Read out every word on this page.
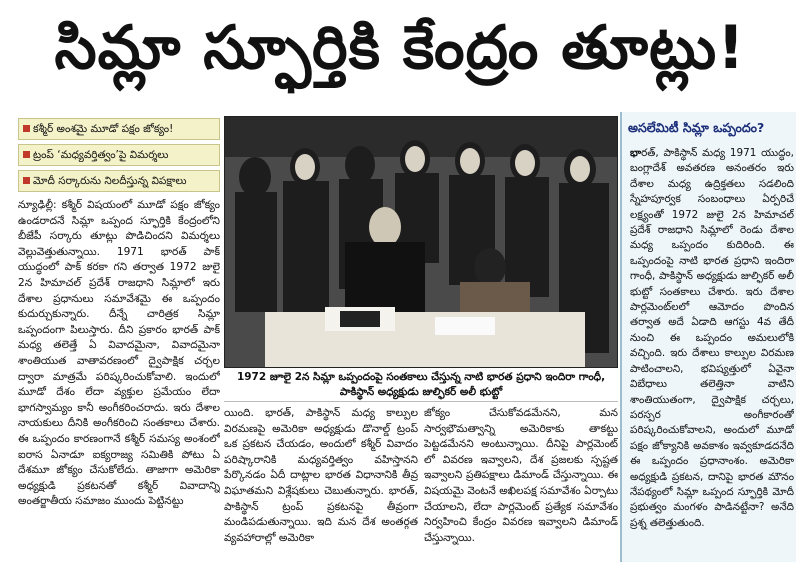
సిమ్లా స్ఫూర్తికి కేంద్రం తూట్లు!
కశ్మీర్ అంశమై మూడో పక్షం జోక్యం!
ట్రంప్ ‘మధ్యవర్తిత్వం’పై విమర్శలు
మోదీ సర్కారును నిలదీస్తున్న విపక్షాలు

న్యూఢిల్లీ: కశ్మీర్ విషయంలో మూడో పక్షం జోక్యం ఉండరాదనే సిమ్లా ఒప్పంద స్ఫూర్తికి కేంద్రంలోని బీజేపీ సర్కారు తూట్లు పొడిచిందని విమర్శలు వెల్లువెత్తుతున్నాయి. 1971 భారత్ పాక్ యుద్ధంలో పాక్ కరకా గని తర్వాత 1972 జులై 2న హిమాచల్ ప్రదేశ్ రాజధాని సిమ్లాలో ఇరు దేశాల ప్రధానులు సమావేశమై ఈ ఒప్పందం కుదుర్చుకున్నారు. దీన్నే చారిత్రక సిమ్లా ఒప్పందంగా పిలుస్తారు. దీని ప్రకారం భారత్ పాక్ మధ్య తలెత్తే ఏ వివాదమైనా, వివాదమైనా శాంతియుత వాతావరణంలో ద్వైపాక్షిక చర్చల ద్వారా మాత్రమే పరిష్కరించుకోవాలి. ఇందులో మూడో దేశం లేదా వ్యక్తుల ప్రమేయం లేదా భాగస్వామ్యం కానీ అంగీకరించరాదు. ఇరు దేశాల నాయకులు దీనికి అంగీకరించి సంతకాలు చేశారు. ఈ ఒప్పందం కారణంగానే కశ్మీర్ సమస్య అంశంలో ఐరాస ఏనాడూ ఐక్యరాజ్య సమితికి పోటు ఏ దేశమూ జోక్యం చేసుకోలేదు. తాజాగా అమెరికా అధ్యక్షుడి ప్రకటనతో కశ్మీర్ వివాదాన్ని అంతర్జాతీయ సమాజం ముందు పెట్టినట్టు

1972 జూలై 2న సిమ్లా ఒప్పందంపై సంతకాలు చేస్తున్న నాటి భారత ప్రధాని ఇందిరా గాంధీ, పాకిస్థాన్ అధ్యక్షుడు జుల్ఫికర్ అలీ భుట్టో

యింది. భారత్, పాకిస్థాన్ మధ్య కాల్పుల విరమణపై అమెరికా అధ్యక్షుడు డొనాల్డ్ ట్రంప్ ఒక ప్రకటన చేయడం, అందులో కశ్మీర్ వివాదం పరిష్కారానికి మధ్యవర్తిత్వం వహిస్తానని పేర్కొనడం ఏదీ దాట్లాల భారత విధానానికి తీవ్ర విఘాతమని విశ్లేషకులు చెబుతున్నారు. భారత్, పాకిస్థాన్ ట్రంప్ ప్రకటనపై తీవ్రంగా మండిపడుతున్నాయి. ఇది మన దేశ అంతర్గత వ్యవహారాల్లో అమెరికా

జోక్యం చేసుకోవడమేనని, మన సార్వభౌమత్వాన్ని అమెరికాకు తాకట్టు పెట్టడమేనని అంటున్నాయి. దీనిపై పార్లమెంట్ లో వివరణ ఇవ్వాలని, దేశ ప్రజలకు స్పష్టత ఇవ్వాలని ప్రతిపక్షాలు డిమాండ్ చేస్తున్నాయి. ఈ విషయమై వెంటనే అఖిలపక్ష సమావేశం ఏర్పాటు చేయాలని, లేదా పార్లమెంట్ ప్రత్యేక సమావేశం నిర్వహించి కేంద్రం వివరణ ఇవ్వాలని డిమాండ్ చేస్తున్నాయి.

అసలేమిటీ సిమ్లా ఒప్పందం?

భారత్, పాకిస్థాన్ మధ్య 1971 యుద్ధం, బంగ్లాదేశ్ అవతరణ అనంతరం ఇరు దేశాల మధ్య ఉద్రిక్తతలు సడలింది స్నేహపూర్వక సంబంధాలు ఏర్పరిచే లక్ష్యంతో 1972 జులై 2న హిమాచల్ ప్రదేశ్ రాజధాని సిమ్లాలో రెండు దేశాల మధ్య ఒప్పందం కుదిరింది. ఈ ఒప్పందంపై నాటి భారత ప్రధాని ఇందిరా గాంధీ, పాకిస్థాన్ అధ్యక్షుడు జుల్ఫికర్ అలీ భుట్టో సంతకాలు చేశారు. ఇరు దేశాల పార్లమెంట్‌లలో ఆమోదం పొందిన తర్వాత అదే ఏడాది ఆగస్టు 4వ తేదీ నుంచి ఈ ఒప్పందం అమలులోకి వచ్చింది. ఇరు దేశాలు కాల్పుల విరమణ పాటించాలని, భవిష్యత్తులో ఏవైనా విబేధాలు తలెత్తినా వాటిని శాంతియుతంగా, ద్వైపాక్షిక చర్చలు, పరస్పర అంగీకారంతో పరిష్కరించుకోవాలని, అందులో మూడో పక్షం జోక్యానికి అవకాశం ఇవ్వకూడదనేది ఈ ఒప్పందం ప్రధానాంశం. అమెరికా అధ్యక్షుడి ప్రకటన, దానిపై భారత మౌనం నేపథ్యంలో సిమ్లా ఒప్పంద స్ఫూర్తికి మోదీ ప్రభుత్వం మంగళం పాడినట్టేనా? అనేది ప్రశ్న తలెత్తుతుంది.
